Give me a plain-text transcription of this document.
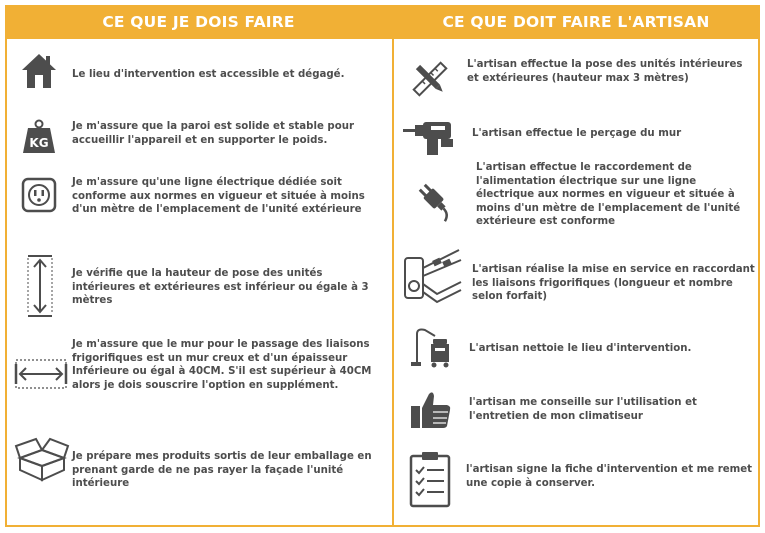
CE QUE JE DOIS FAIRE
Le lieu d'intervention est accessible et dégagé.
KG
Je m'assure que la paroi est solide et stable pour accueillir l'appareil et en supporter le poids.
Je m'assure qu'une ligne électrique dédiée soit conforme aux normes en vigueur et située à moins d'un mètre de l'emplacement de l'unité extérieure
Je vérifie que la hauteur de pose des unités intérieures et extérieures est inférieur ou égale à 3 mètres
Je m'assure que le mur pour le passage des liaisons frigorifiques est un mur creux et d'un épaisseur Inférieure ou égal à 40CM. S'il est supérieur à 40CM alors je dois souscrire l'option en supplément.
Je prépare mes produits sortis de leur emballage en prenant garde de ne pas rayer la façade l'unité intérieure
CE QUE DOIT FAIRE L'ARTISAN
L'artisan effectue la pose des unités intérieures et extérieures (hauteur max 3 mètres)
L'artisan effectue le perçage du mur
L'artisan effectue le raccordement de l'alimentation électrique sur une ligne électrique aux normes en vigueur et située à moins d'un mètre de l'emplacement de l'unité extérieure est conforme
L'artisan réalise la mise en service en raccordant les liaisons frigorifiques (longueur et nombre selon forfait)
L'artisan nettoie le lieu d'intervention.
l'artisan me conseille sur l'utilisation et l'entretien de mon climatiseur
l'artisan signe la fiche d'intervention et me remet une copie à conserver.
